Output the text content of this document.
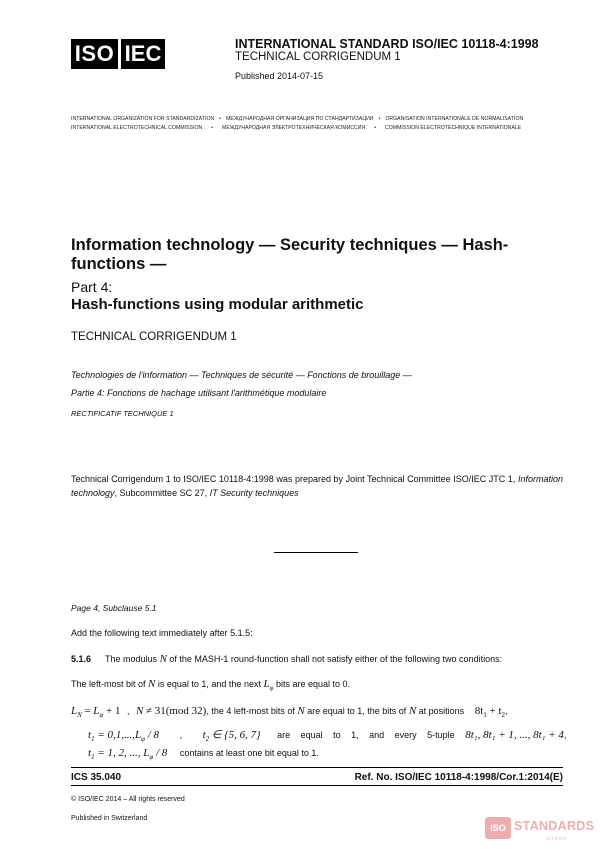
ISO IEC	INTERNATIONAL STANDARD ISO/IEC 10118-4:1998
TECHNICAL CORRIGENDUM 1
Published 2014-07-15
INTERNATIONAL ORGANIZATION FOR STANDARDIZATION • МЕЖДУНАРОДНАЯ ОРГАНИЗАЦИЯ ПО СТАНДАРТИЗАЦИИ • ORGANISATION INTERNATIONALE DE NORMALISATION
INTERNATIONAL ELECTROTECHNICAL COMMISSION • МЕЖДУНАРОДНАЯ ЭЛЕКТРОТЕХНИЧЕСКАЯ КОМИССИЯ • COMMISSION ÉLECTROTECHNIQUE INTERNATIONALE
Information technology — Security techniques — Hash-functions —
Part 4:
Hash-functions using modular arithmetic
TECHNICAL CORRIGENDUM 1
Technologies de l'information — Techniques de sécurité — Fonctions de brouillage —
Partie 4: Fonctions de hachage utilisant l'arithmétique modulaire
RECTIFICATIF TECHNIQUE 1
Technical Corrigendum 1 to ISO/IEC 10118-4:1998 was prepared by Joint Technical Committee ISO/IEC JTC 1, Information technology, Subcommittee SC 27, IT Security techniques
Page 4, Subclause 5.1
Add the following text immediately after 5.1.5:
5.1.6 The modulus N of the MASH-1 round-function shall not satisfy either of the following two conditions:
The left-most bit of N is equal to 1, and the next $L_\varphi$ bits are equal to 0.
$L_N = L_\varphi + 1$ , N ≠ 31(mod 32), the 4 left-most bits of N are equal to 1, the bits of N at positions $8t_1 + t_2$,
$t_1 = 0,1,...,L_\varphi / 8$ , $t_2$ ∈ {5, 6, 7} are equal to 1, and every 5-tuple 8t₁, 8t₁ + 1, ..., 8t₁ + 4,
$t_1 = 1$, 2, ..., $L_\varphi / 8$ contains at least one bit equal to 1.
ICS 35.040	Ref. No. ISO/IEC 10118-4:1998/Cor.1:2014(E)
© ISO/IEC 2014 – All rights reserved
Published in Switzerland
ISO STANDARDS
STORE
